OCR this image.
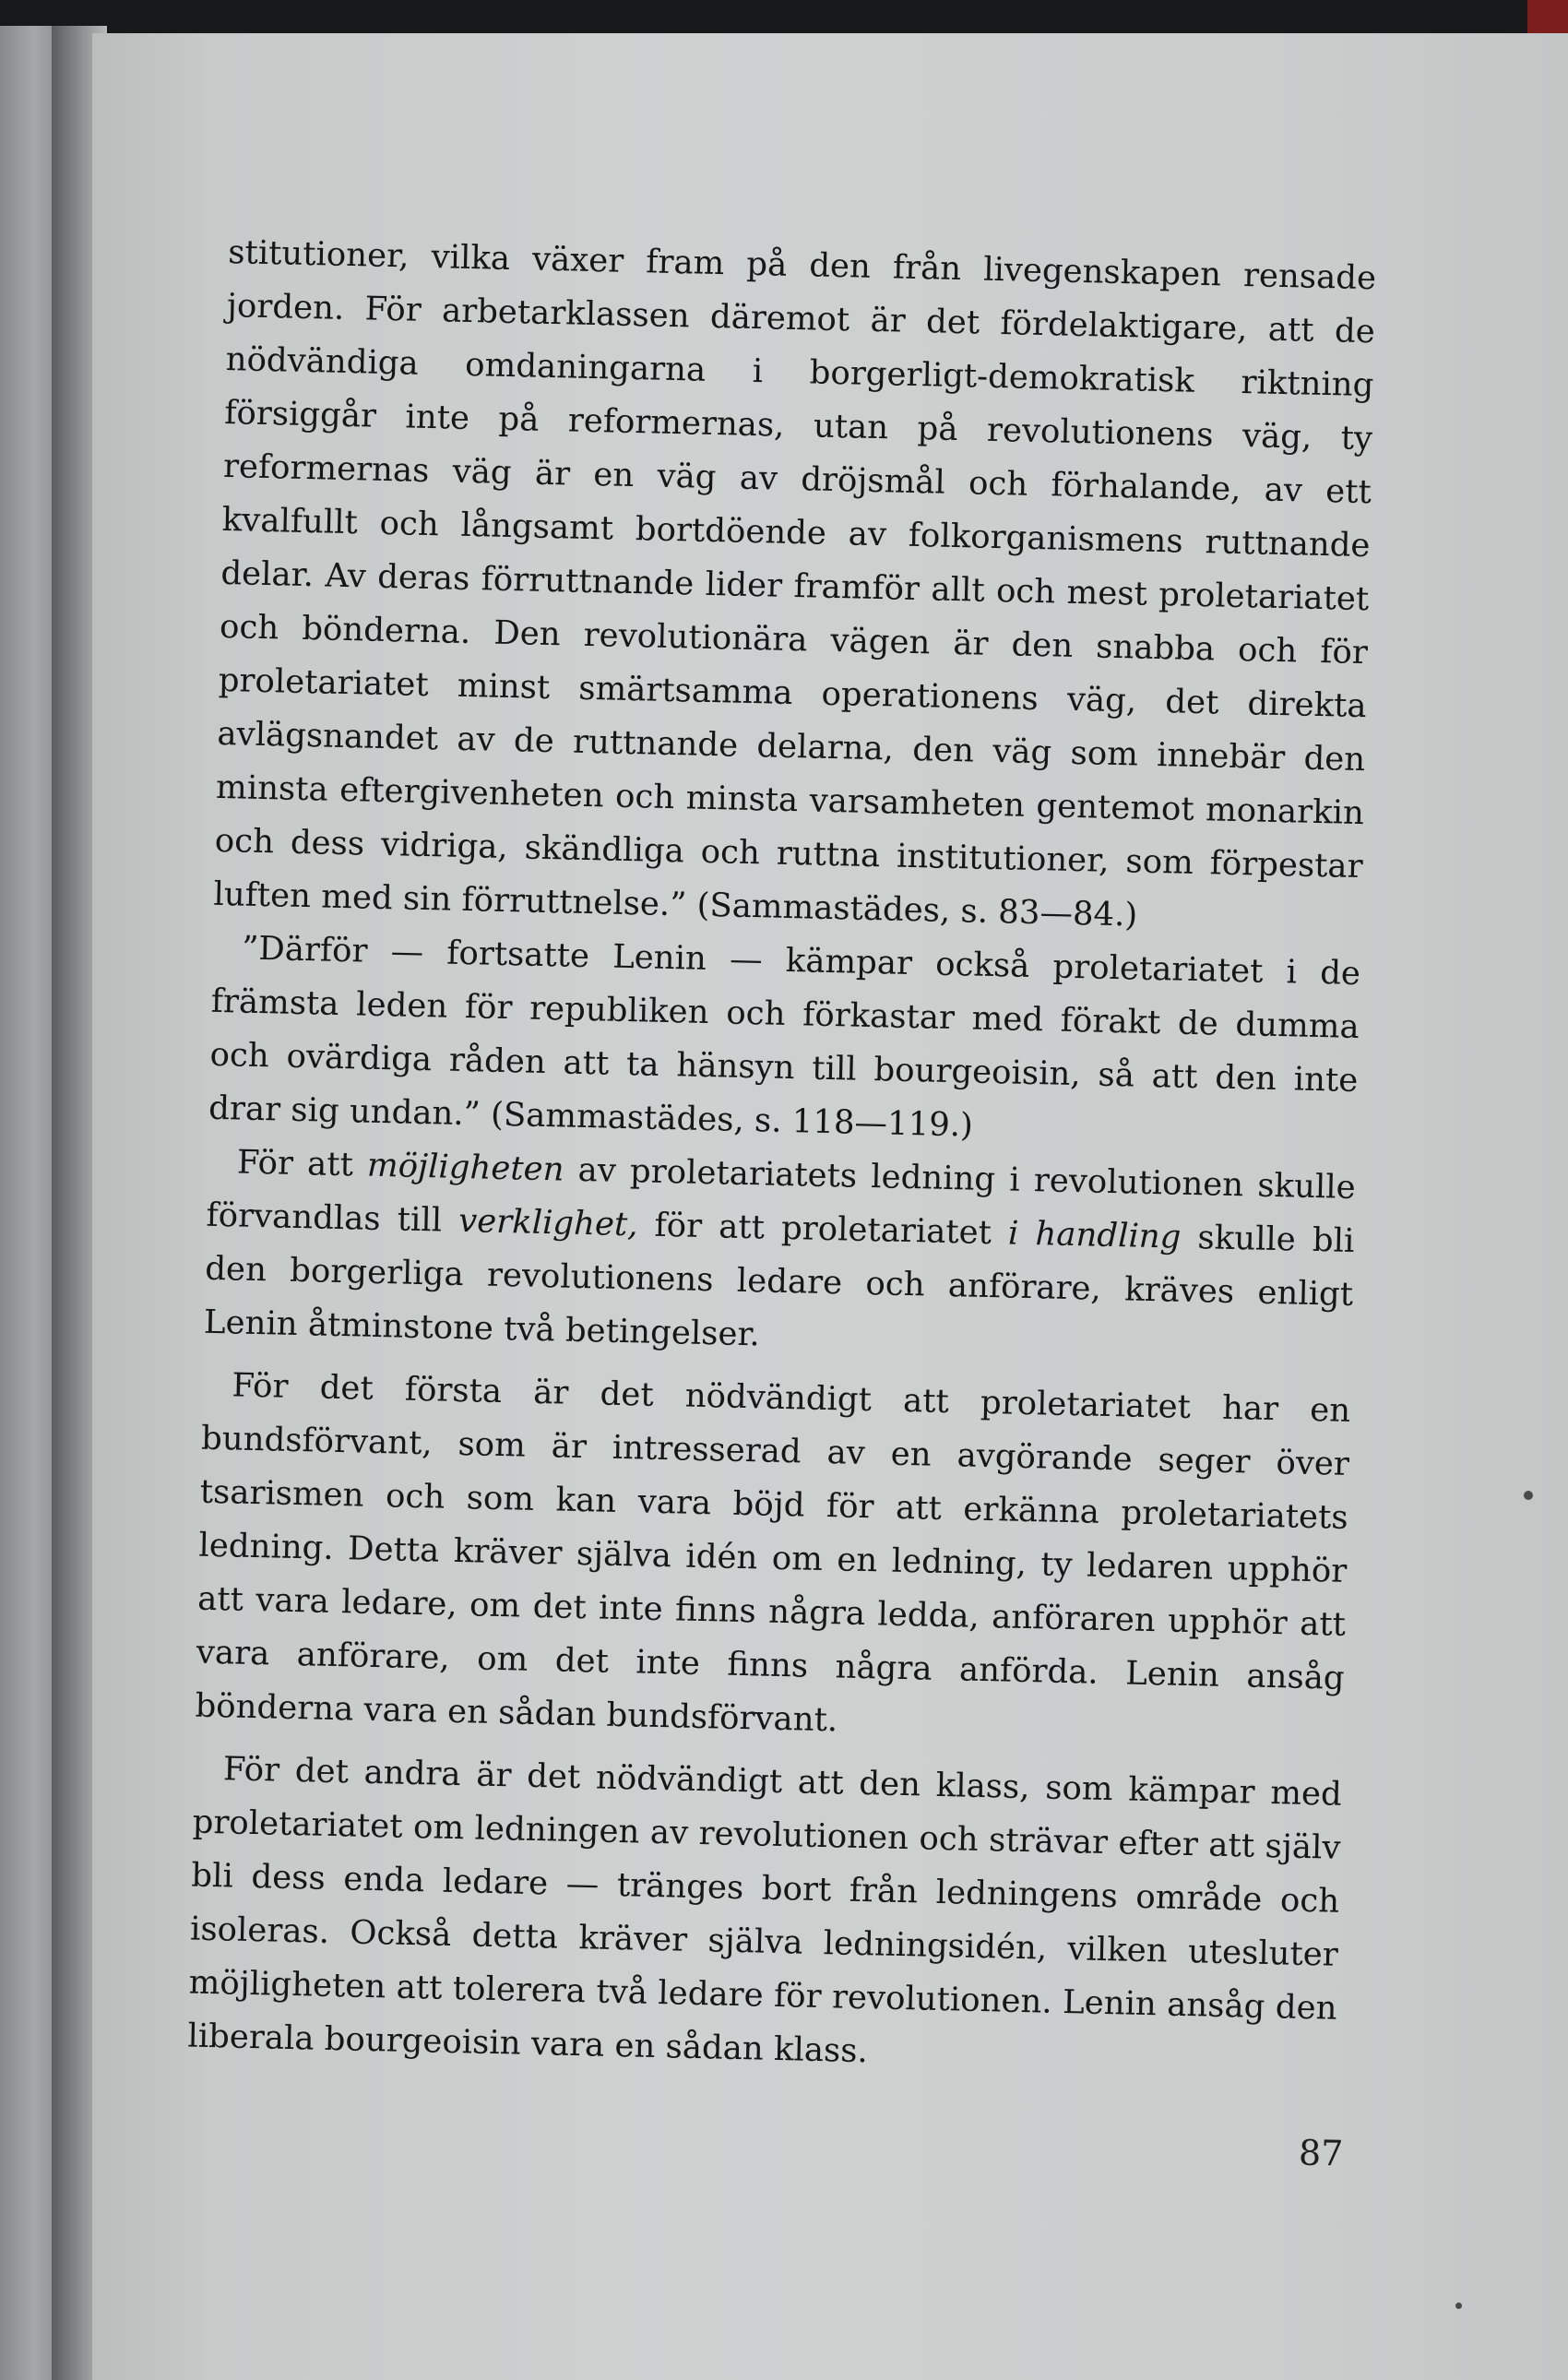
stitutioner, vilka växer fram på den från livegenskapen rensade jorden. För arbetarklassen däremot är det fördelaktigare, att de nödvändiga omdaningarna i borgerligt-demokratisk riktning försiggår inte på reformernas, utan på revolutionens väg, ty reformernas väg är en väg av dröjsmål och förhalande, av ett kvalfullt och långsamt bortdöende av folkorganismens ruttnande delar. Av deras förruttnande lider framför allt och mest proletariatet och bönderna. Den revolutionära vägen är den snabba och för proletariatet minst smärtsamma operationens väg, det direkta avlägsnandet av de ruttnande delarna, den väg som innebär den minsta eftergivenheten och minsta varsamheten gentemot monarkin och dess vidriga, skändliga och ruttna institutioner, som förpestar luften med sin förruttnelse.” (Sammastädes, s. 83—84.)

”Därför — fortsatte Lenin — kämpar också proletariatet i de främsta leden för republiken och förkastar med förakt de dumma och ovärdiga råden att ta hänsyn till bourgeoisin, så att den inte drar sig undan.” (Sammastädes, s. 118—119.)

För att möjligheten av proletariatets ledning i revolutionen skulle förvandlas till verklighet, för att proletariatet i handling skulle bli den borgerliga revolutionens ledare och anförare, kräves enligt Lenin åtminstone två betingelser.

För det första är det nödvändigt att proletariatet har en bundsförvant, som är intresserad av en avgörande seger över tsarismen och som kan vara böjd för att erkänna proletariatets ledning. Detta kräver själva idén om en ledning, ty ledaren upphör att vara ledare, om det inte finns några ledda, anföraren upphör att vara anförare, om det inte finns några anförda. Lenin ansåg bönderna vara en sådan bundsförvant.

För det andra är det nödvändigt att den klass, som kämpar med proletariatet om ledningen av revolutionen och strävar efter att själv bli dess enda ledare — tränges bort från ledningens område och isoleras. Också detta kräver själva ledningsidén, vilken utesluter möjligheten att tolerera två ledare för revolutionen. Lenin ansåg den liberala bourgeoisin vara en sådan klass.

87
